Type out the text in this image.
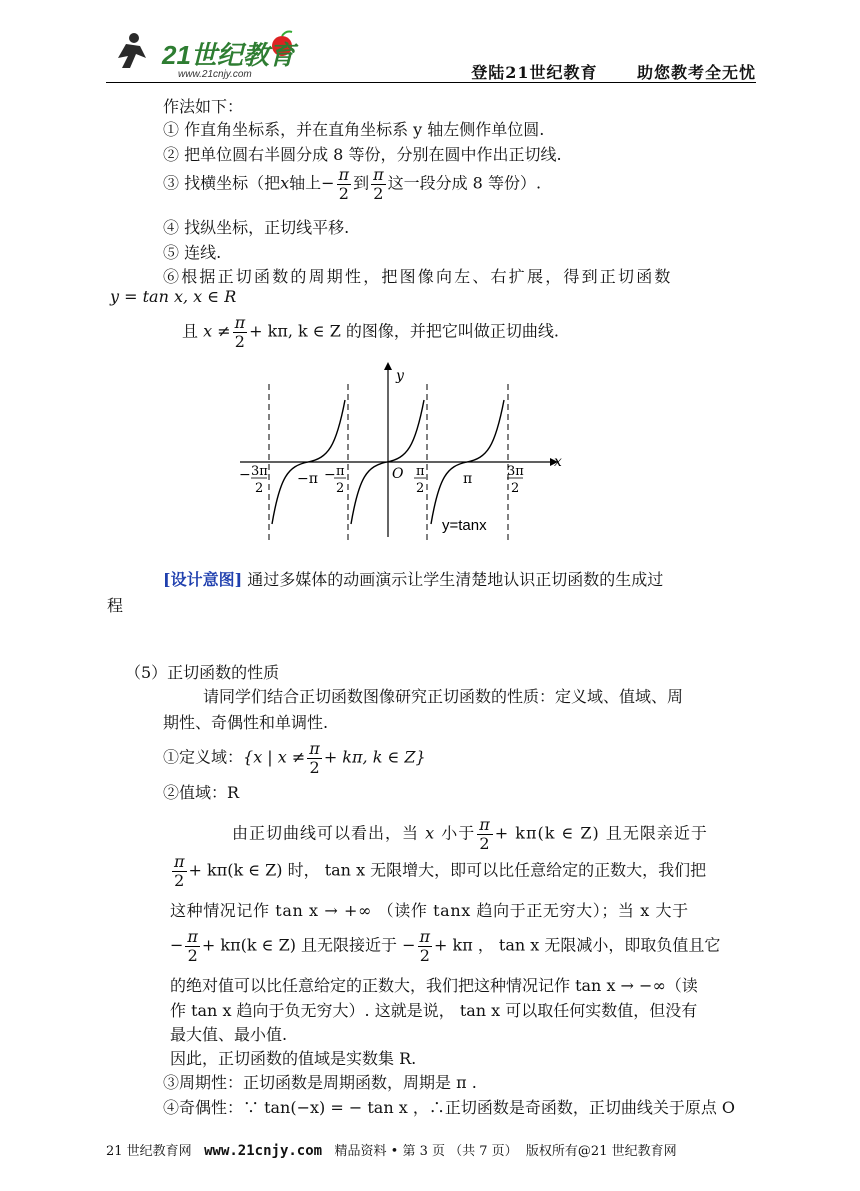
21世纪教育
www.21cnjy.com	登陆21世纪教育 助您教考全无忧
作法如下：
① 作直角坐标系，并在直角坐标系 y 轴左侧作单位圆.
② 把单位圆右半圆分成 8 等份，分别在圆中作出正切线.
③ 找横坐标（把x轴上− $\frac{\pi}{2}$ 到 $\frac{\pi}{2}$ 这一段分成 8 等份）.
④ 找纵坐标，正切线平移.
⑤ 连线.
⑥根据正切函数的周期性，把图像向左、右扩展，得到正切函数
y = tan x, x ∈ R
且 $x \ne \frac{\pi}{2} + k\pi$, k ∈ Z 的图像，并把它叫做正切曲线.
x
y
O
− 3π
2
−π − π
2
π
2
π	3π
2
y=tanx
[设计意图] 通过多媒体的动画演示让学生清楚地认识正切函数的生成过
程
（5）正切函数的性质
请同学们结合正切函数图像研究正切函数的性质：定义域、值域、周
期性、奇偶性和单调性.
①定义域：{x | $x \ne \frac{\pi}{2} + k\pi$, k ∈ Z}
②值域：R
由正切曲线可以看出，当 x 小于 $\frac{\pi}{2} + k\pi(k$ ∈ Z) 且无限亲近于
$\frac{\pi}{2} + k\pi(k$ ∈ Z) 时， tan x 无限增大，即可以比任意给定的正数大，我们把
这种情况记作 tan x → +∞ （读作 tanx 趋向于正无穷大）；当 x 大于
− $\frac{\pi}{2} + k\pi(k$ ∈ Z) 且无限接近于 − $\frac{\pi}{2} + k\pi$ ， tan x 无限减小，即取负值且它
的绝对值可以比任意给定的正数大，我们把这种情况记作 tan x → −∞（读
作 tan x 趋向于负无穷大）. 这就是说， tan x 可以取任何实数值，但没有
最大值、最小值.
因此，正切函数的值域是实数集 R.
③周期性：正切函数是周期函数，周期是 π .
④奇偶性：∵ tan(−x) = − tan x ，∴正切函数是奇函数，正切曲线关于原点 O
21 世纪教育网 www.21cnjy.com 精品资料 • 第 3 页 （共 7 页） 版权所有@21 世纪教育网
